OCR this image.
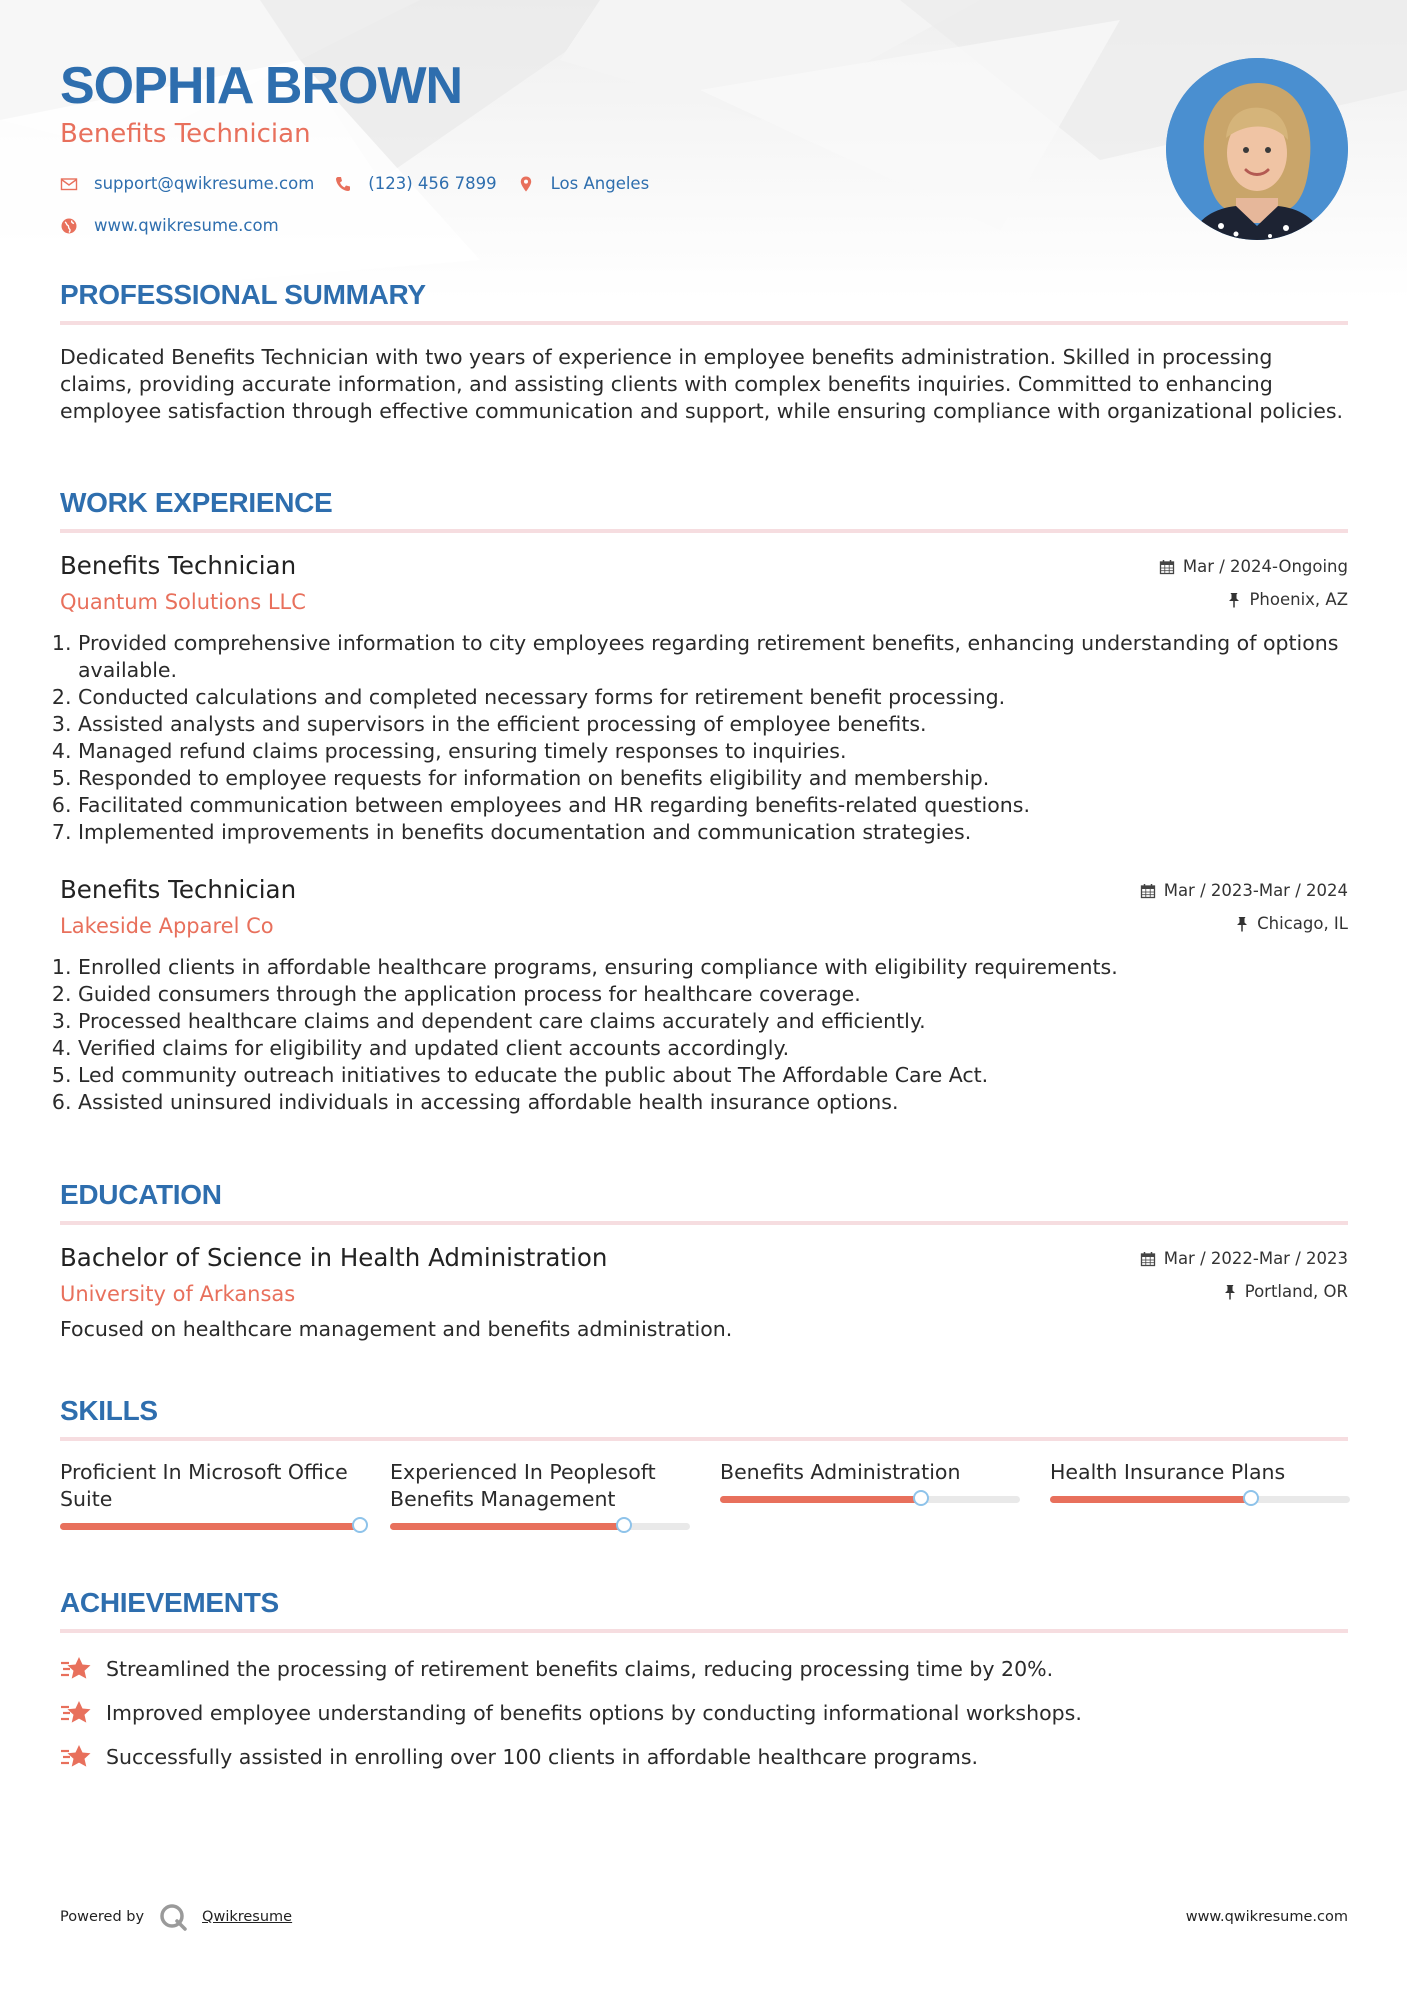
SOPHIA BROWN
Benefits Technician
support@qwikresume.com	(123) 456 7899	Los Angeles
www.qwikresume.com
PROFESSIONAL SUMMARY

Dedicated Benefits Technician with two years of experience in employee benefits administration. Skilled in processing claims, providing accurate information, and assisting clients with complex benefits inquiries. Committed to enhancing employee satisfaction through effective communication and support, while ensuring compliance with organizational policies.

WORK EXPERIENCE
Benefits Technician
Quantum Solutions LLC
Mar / 2024-Ongoing
Phoenix, AZ
1. Provided comprehensive information to city employees regarding retirement benefits, enhancing understanding of options available.
2. Conducted calculations and completed necessary forms for retirement benefit processing.
3. Assisted analysts and supervisors in the efficient processing of employee benefits.
4. Managed refund claims processing, ensuring timely responses to inquiries.
5. Responded to employee requests for information on benefits eligibility and membership.
6. Facilitated communication between employees and HR regarding benefits-related questions.
7. Implemented improvements in benefits documentation and communication strategies.
Benefits Technician
Lakeside Apparel Co
Mar / 2023-Mar / 2024
Chicago, IL
1. Enrolled clients in affordable healthcare programs, ensuring compliance with eligibility requirements.
2. Guided consumers through the application process for healthcare coverage.
3. Processed healthcare claims and dependent care claims accurately and efficiently.
4. Verified claims for eligibility and updated client accounts accordingly.
5. Led community outreach initiatives to educate the public about The Affordable Care Act.
6. Assisted uninsured individuals in accessing affordable health insurance options.
EDUCATION
Bachelor of Science in Health Administration
University of Arkansas
Mar / 2022-Mar / 2023
Portland, OR

Focused on healthcare management and benefits administration.

SKILLS
Proficient In Microsoft Office Suite
Experienced In Peoplesoft Benefits Management
Benefits Administration	Health Insurance Plans
ACHIEVEMENTS
Streamlined the processing of retirement benefits claims, reducing processing time by 20%.
Improved employee understanding of benefits options by conducting informational workshops.
Successfully assisted in enrolling over 100 clients in affordable healthcare programs.
Powered by	Qwikresume	www.qwikresume.com
